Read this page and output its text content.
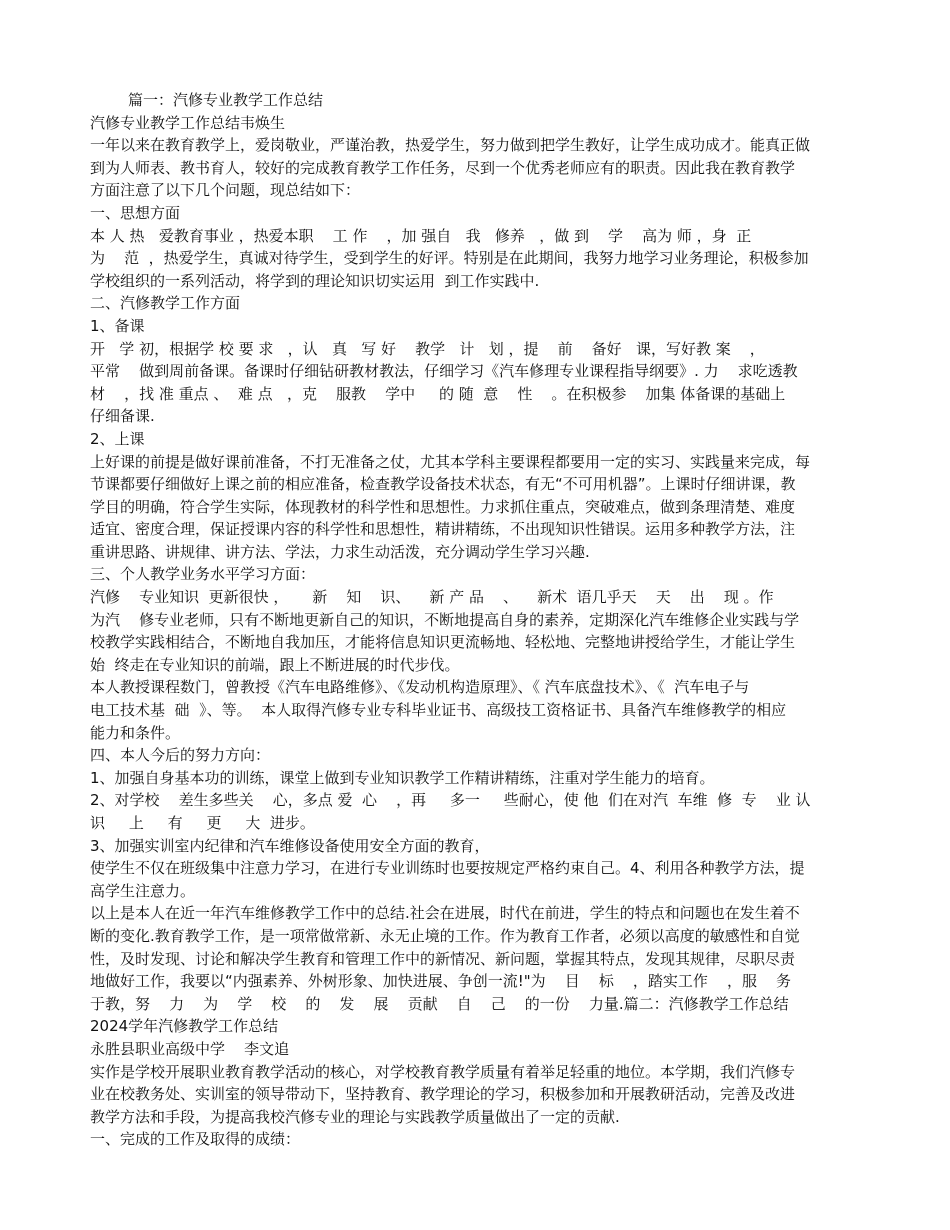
篇一：汽修专业教学工作总结
汽修专业教学工作总结韦焕生
一年以来在教育教学上，爱岗敬业，严谨治教，热爱学生，努力做到把学生教好，让学生成功成才。能真正做
到为人师表、教书育人，较好的完成教育教学工作任务，尽到一个优秀老师应有的职责。因此我在教育教学
方面注意了以下几个问题，现总结如下：
一、思想方面
本 人 热   爱教育事业 ，热爱本职    工 作    ，加 强自   我   修养   ，做 到    学    高为 师 ，身  正
为    范  ，热爱学生，真诚对待学生，受到学生的好评。特别是在此期间，我努力地学习业务理论，积极参加
学校组织的一系列活动，将学到的理论知识切实运用  到工作实践中.
二、汽修教学工作方面
1、备课
开   学 初，根据学 校 要 求   ，认   真   写 好    教学   计   划 ，提    前    备好   课，写好教 案    ，
平常    做到周前备课。备课时仔细钻研教材教法，仔细学习《汽车修理专业课程指导纲要》. 力    求吃透教
材    ，找 准 重点 、  难 点   ，克    服教    学中     的 随  意    性    。在积极参    加集 体备课的基础上
仔细备课.
2、上课
上好课的前提是做好课前准备，不打无准备之仗，尤其本学科主要课程都要用一定的实习、实践量来完成，每
节课都要仔细做好上课之前的相应准备，检查教学设备技术状态，有无“不可用机器”。上课时仔细讲课，教
学目的明确，符合学生实际，体现教材的科学性和思想性。力求抓住重点，突破难点，做到条理清楚、难度
适宜、密度合理，保证授课内容的科学性和思想性，精讲精练，不出现知识性错误。运用多种教学方法，注
重讲思路、讲规律、讲方法、学法，力求生动活泼，充分调动学生学习兴趣.
三、个人教学业务水平学习方面：
汽修    专业知识  更新很快 ，     新    知    识、    新 产 品    、    新术  语几乎天    天    出    现 。作
为汽    修专业老师，只有不断地更新自己的知识，不断地提高自身的素养，定期深化汽车维修企业实践与学
校教学实践相结合，不断地自我加压，才能将信息知识更流畅地、轻松地、完整地讲授给学生，才能让学生
始  终走在专业知识的前端，跟上不断进展的时代步伐。
本人教授课程数门，曾教授《汽车电路维修》、《发动机构造原理》、《 汽车底盘技术》、《  汽车电子与
电工技术基  础  》、等。  本人取得汽修专业专科毕业证书、高级技工资格证书、具备汽车维修教学的相应
能力和条件。
四、本人今后的努力方向：
1、加强自身基本功的训练，课堂上做到专业知识教学工作精讲精练，注重对学生能力的培育。
2、对学校    差生多些关    心，多点 爱  心    ，再     多一     些耐心，使 他  们在对汽  车维  修  专    业 认
识     上     有     更     大  进步。
3、加强实训室内纪律和汽车维修设备使用安全方面的教育，
使学生不仅在班级集中注意力学习，在进行专业训练时也要按规定严格约束自己。4、利用各种教学方法，提
高学生注意力。
以上是本人在近一年汽车维修教学工作中的总结.社会在进展，时代在前进，学生的特点和问题也在发生着不
断的变化.教育教学工作，是一项常做常新、永无止境的工作。作为教育工作者，必须以高度的敏感性和自觉
性，及时发现、讨论和解决学生教育和管理工作中的新情况、新问题，掌握其特点，发现其规律，尽职尽责
地做好工作，我要以“内强素养、外树形象、加快进展、争创一流!"为    目    标    ，踏实工作    ，服    务
于教，努    力    为    学    校    的    发    展    贡献    自    己    的一份    力量.篇二：汽修教学工作总结
2024学年汽修教学工作总结
永胜县职业高级中学    李文追
实作是学校开展职业教育教学活动的核心，对学校教育教学质量有着举足轻重的地位。本学期，我们汽修专
业在校教务处、实训室的领导带动下，坚持教育、教学理论的学习，积极参加和开展教研活动，完善及改进
教学方法和手段，为提高我校汽修专业的理论与实践教学质量做出了一定的贡献.
一、完成的工作及取得的成绩：
